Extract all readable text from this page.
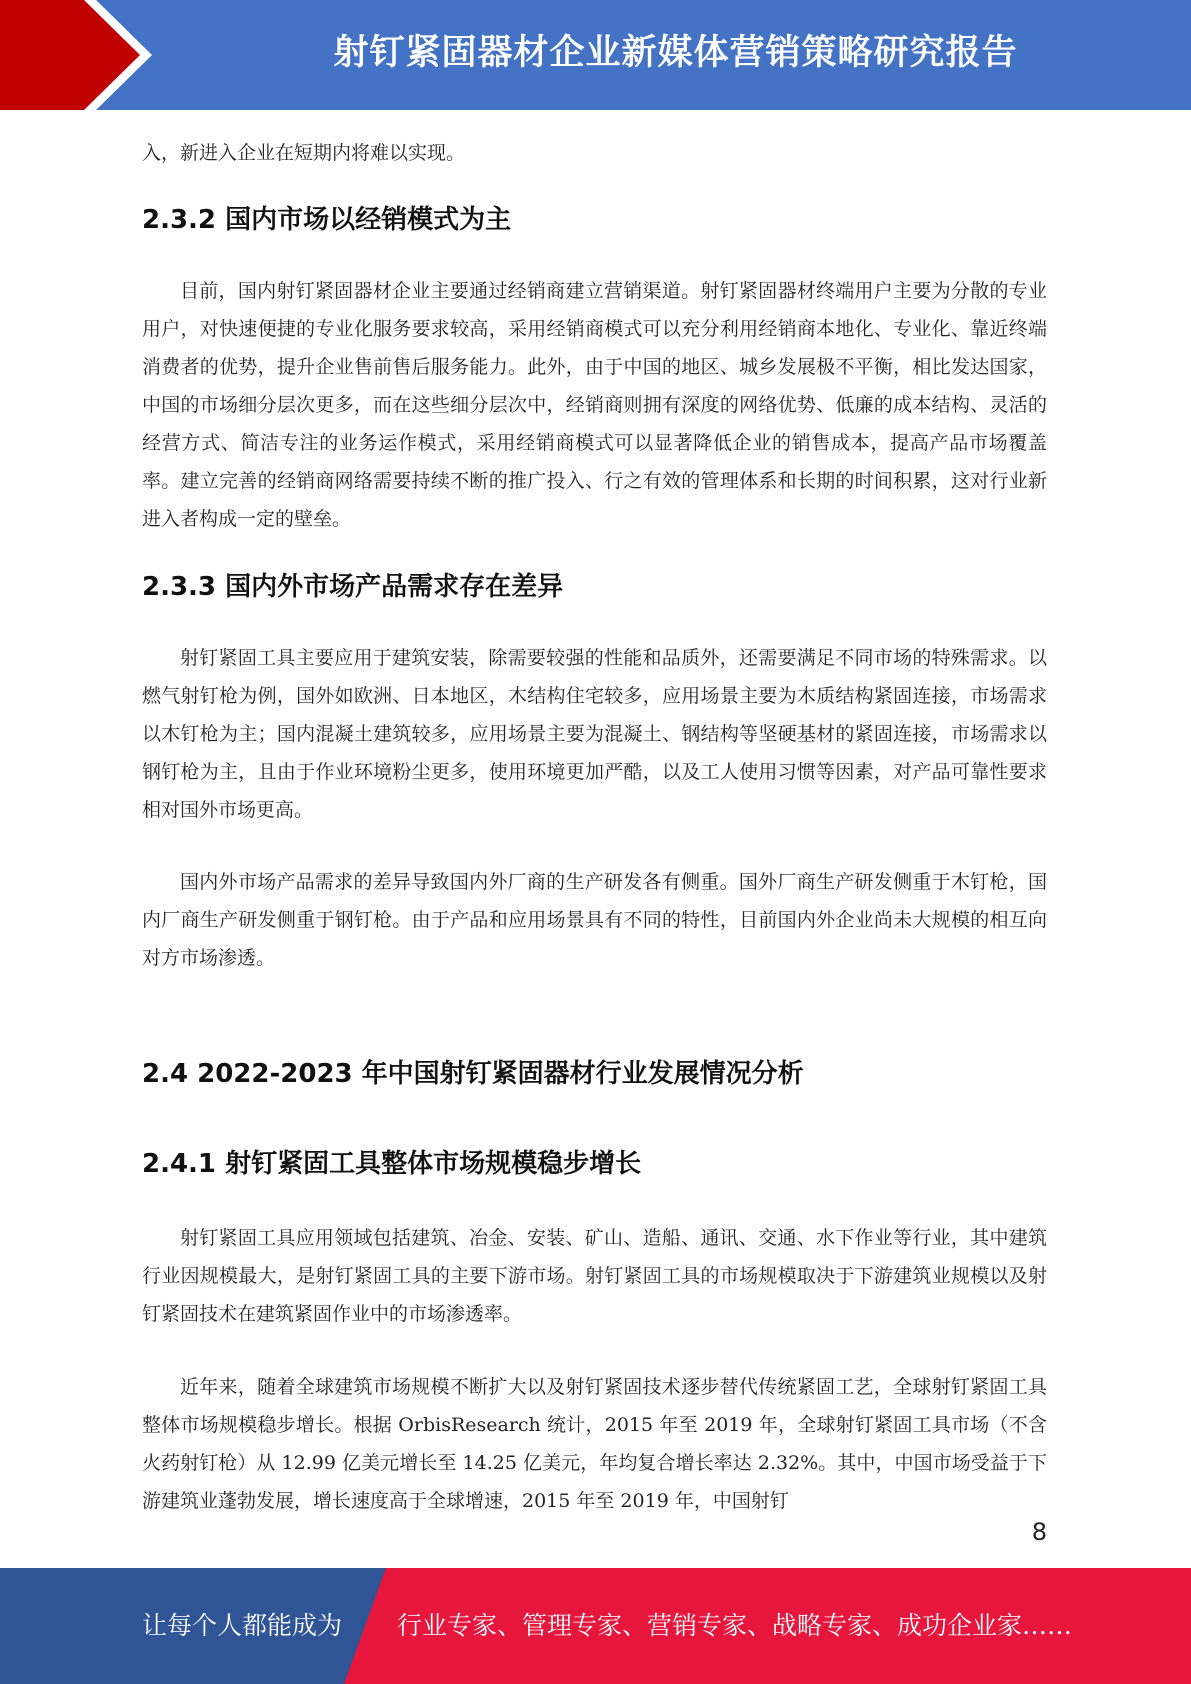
射钉紧固器材企业新媒体营销策略研究报告

入，新进入企业在短期内将难以实现。

2.3.2 国内市场以经销模式为主

目前，国内射钉紧固器材企业主要通过经销商建立营销渠道。射钉紧固器材终端用户主要为分散的专业用户，对快速便捷的专业化服务要求较高，采用经销商模式可以充分利用经销商本地化、专业化、靠近终端消费者的优势，提升企业售前售后服务能力。此外，由于中国的地区、城乡发展极不平衡，相比发达国家，中国的市场细分层次更多，而在这些细分层次中，经销商则拥有深度的网络优势、低廉的成本结构、灵活的经营方式、简洁专注的业务运作模式，采用经销商模式可以显著降低企业的销售成本，提高产品市场覆盖率。建立完善的经销商网络需要持续不断的推广投入、行之有效的管理体系和长期的时间积累，这对行业新进入者构成一定的壁垒。

2.3.3 国内外市场产品需求存在差异

射钉紧固工具主要应用于建筑安装，除需要较强的性能和品质外，还需要满足不同市场的特殊需求。以燃气射钉枪为例，国外如欧洲、日本地区，木结构住宅较多，应用场景主要为木质结构紧固连接，市场需求以木钉枪为主；国内混凝土建筑较多，应用场景主要为混凝土、钢结构等坚硬基材的紧固连接，市场需求以钢钉枪为主，且由于作业环境粉尘更多，使用环境更加严酷，以及工人使用习惯等因素，对产品可靠性要求相对国外市场更高。

国内外市场产品需求的差异导致国内外厂商的生产研发各有侧重。国外厂商生产研发侧重于木钉枪，国内厂商生产研发侧重于钢钉枪。由于产品和应用场景具有不同的特性，目前国内外企业尚未大规模的相互向对方市场渗透。

2.4 2022-2023 年中国射钉紧固器材行业发展情况分析
2.4.1 射钉紧固工具整体市场规模稳步增长

射钉紧固工具应用领域包括建筑、冶金、安装、矿山、造船、通讯、交通、水下作业等行业，其中建筑行业因规模最大，是射钉紧固工具的主要下游市场。射钉紧固工具的市场规模取决于下游建筑业规模以及射钉紧固技术在建筑紧固作业中的市场渗透率。

近年来，随着全球建筑市场规模不断扩大以及射钉紧固技术逐步替代传统紧固工艺，全球射钉紧固工具整体市场规模稳步增长。根据 OrbisResearch 统计，2015 年至 2019 年，全球射钉紧固工具市场（不含火药射钉枪）从 12.99 亿美元增长至 14.25 亿美元，年均复合增长率达 2.32%。其中，中国市场受益于下游建筑业蓬勃发展，增长速度高于全球增速，2015 年至 2019 年，中国射钉

8
让每个人都能成为 行业专家、管理专家、营销专家、战略专家、成功企业家……
